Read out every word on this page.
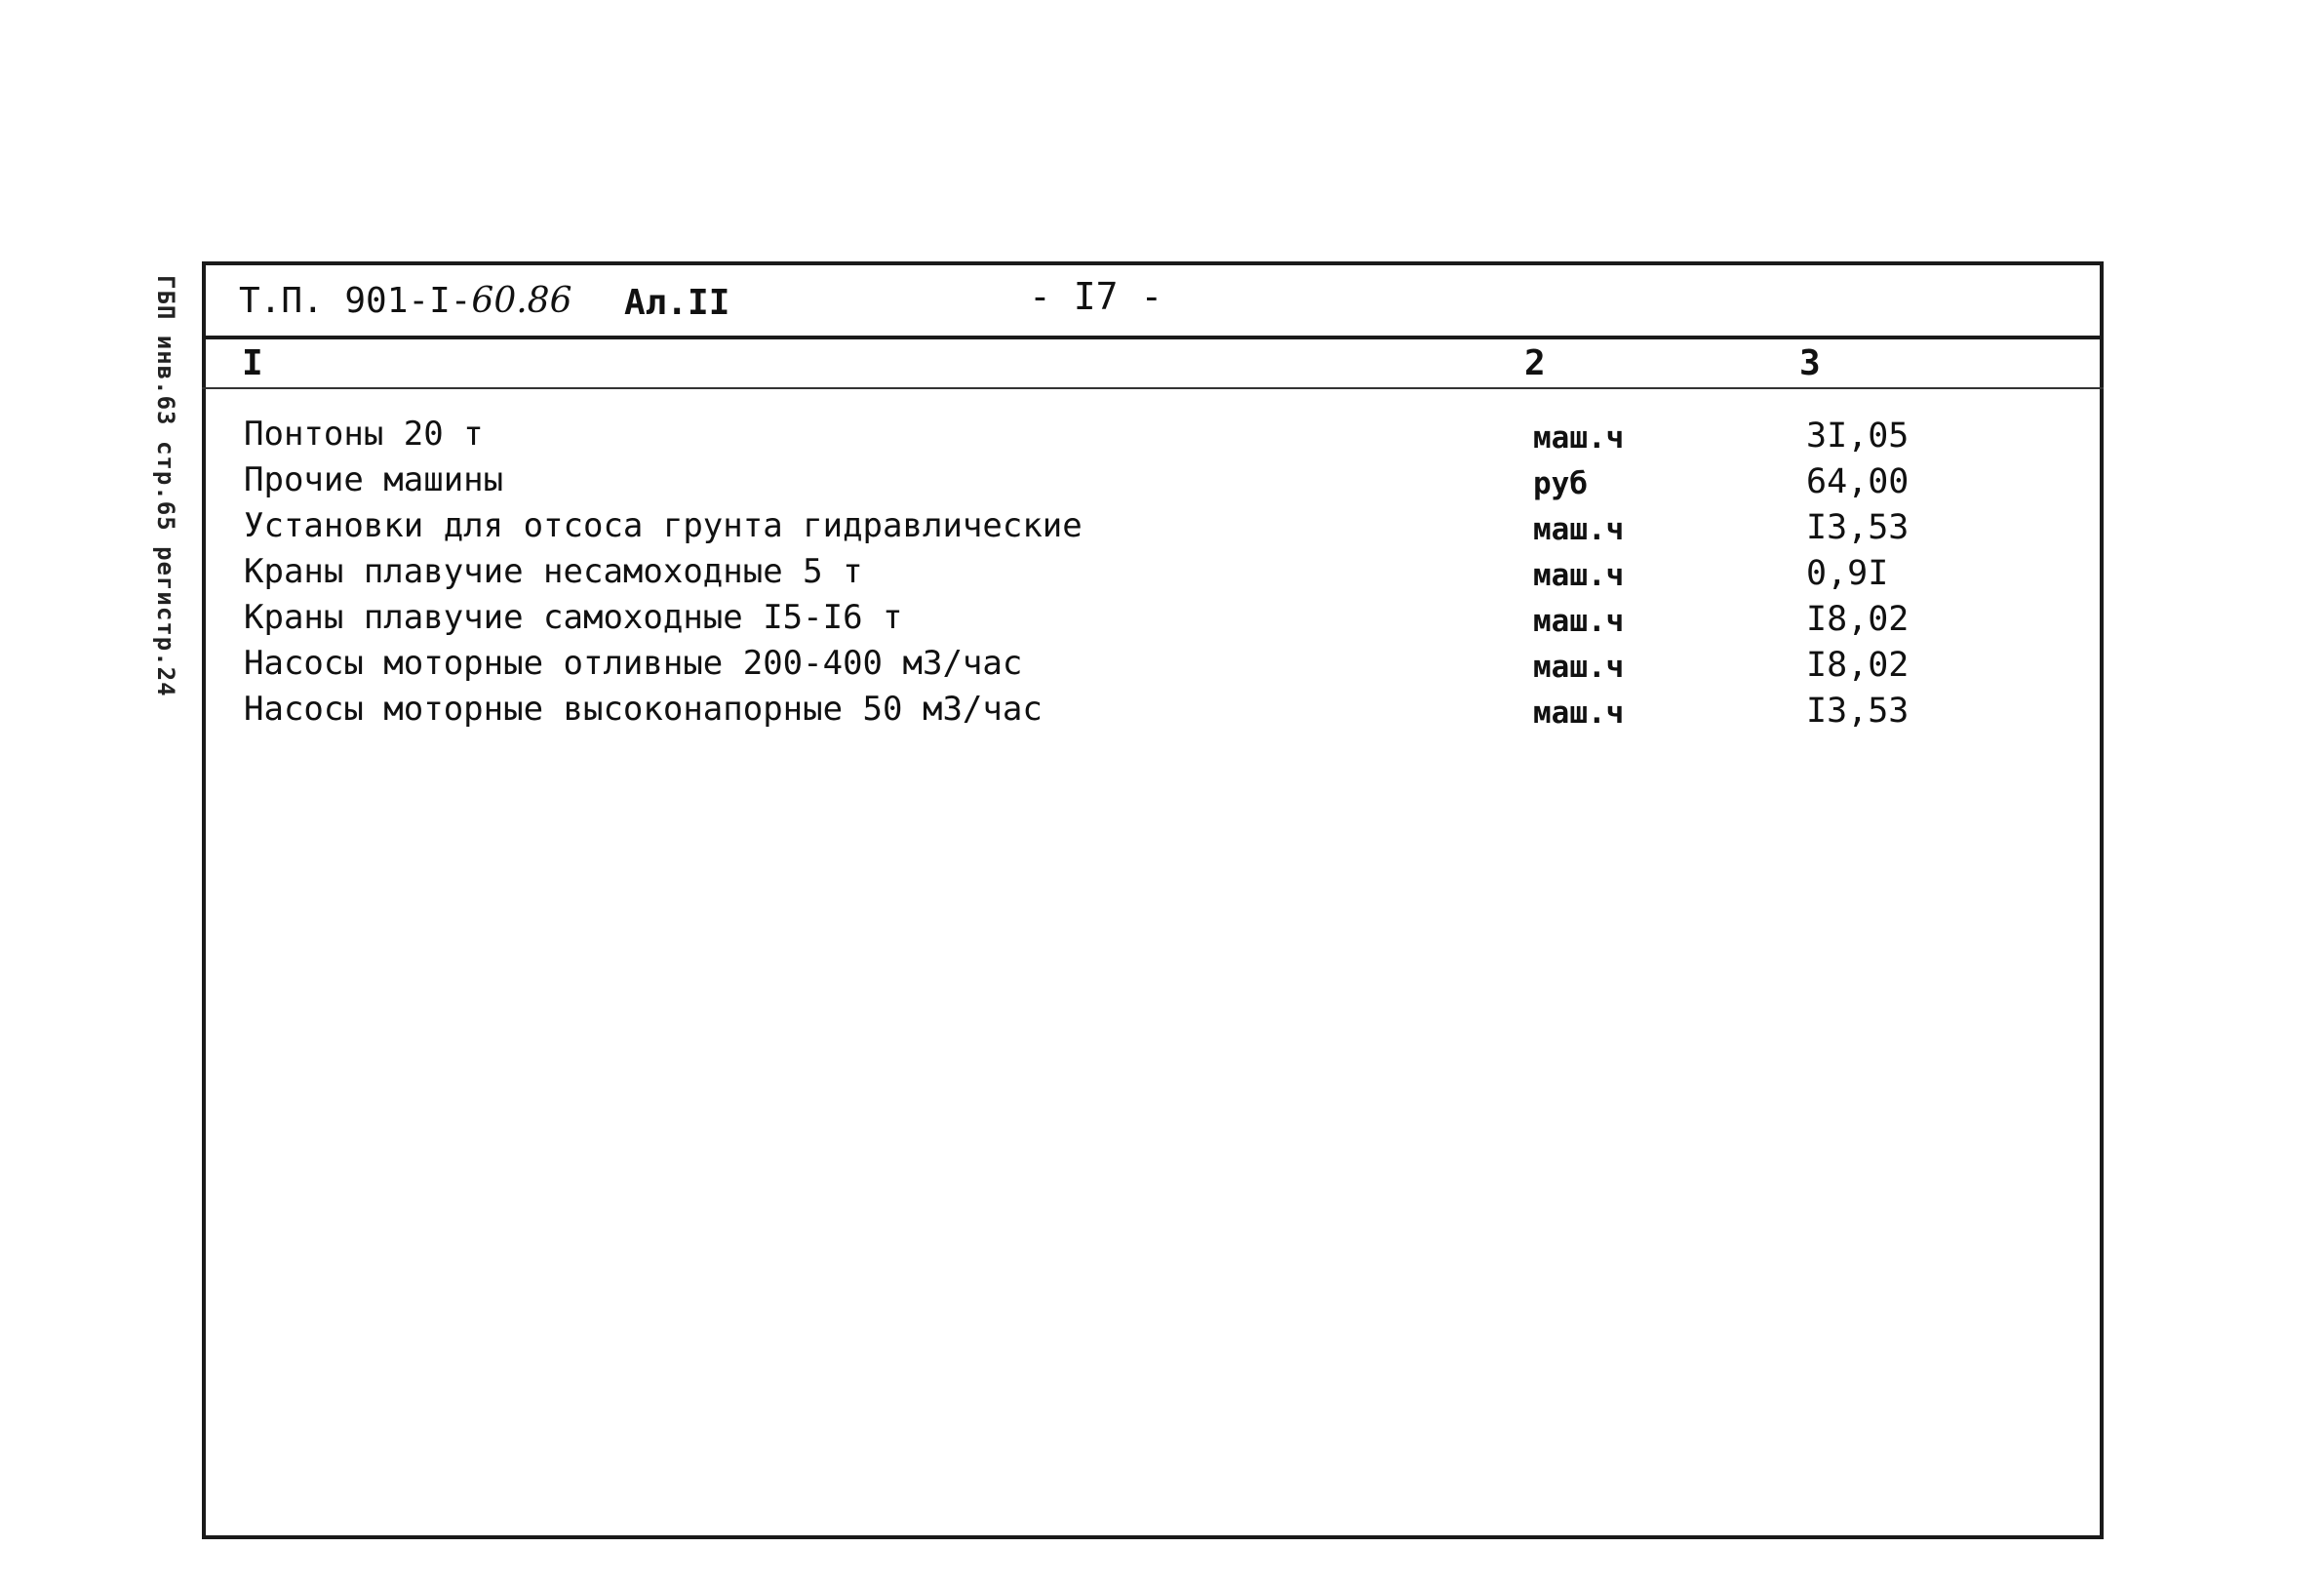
ГБП инв.63 стр.65 регистр.24 Т.П. 901-I-60.86 Ал.II	- I7 -
I	2	3
Понтоны 20 т	маш.ч	3I,05
Прочие машины	руб	64,00
Установки для отсоса грунта гидравлические	маш.ч	I3,53
Краны плавучие несамоходные 5 т	маш.ч	0,9I
Краны плавучие самоходные I5-I6 т	маш.ч	I8,02
Насосы моторные отливные 200-400 м3/час	маш.ч	I8,02
Насосы моторные высоконапорные 50 м3/час	маш.ч	I3,53
